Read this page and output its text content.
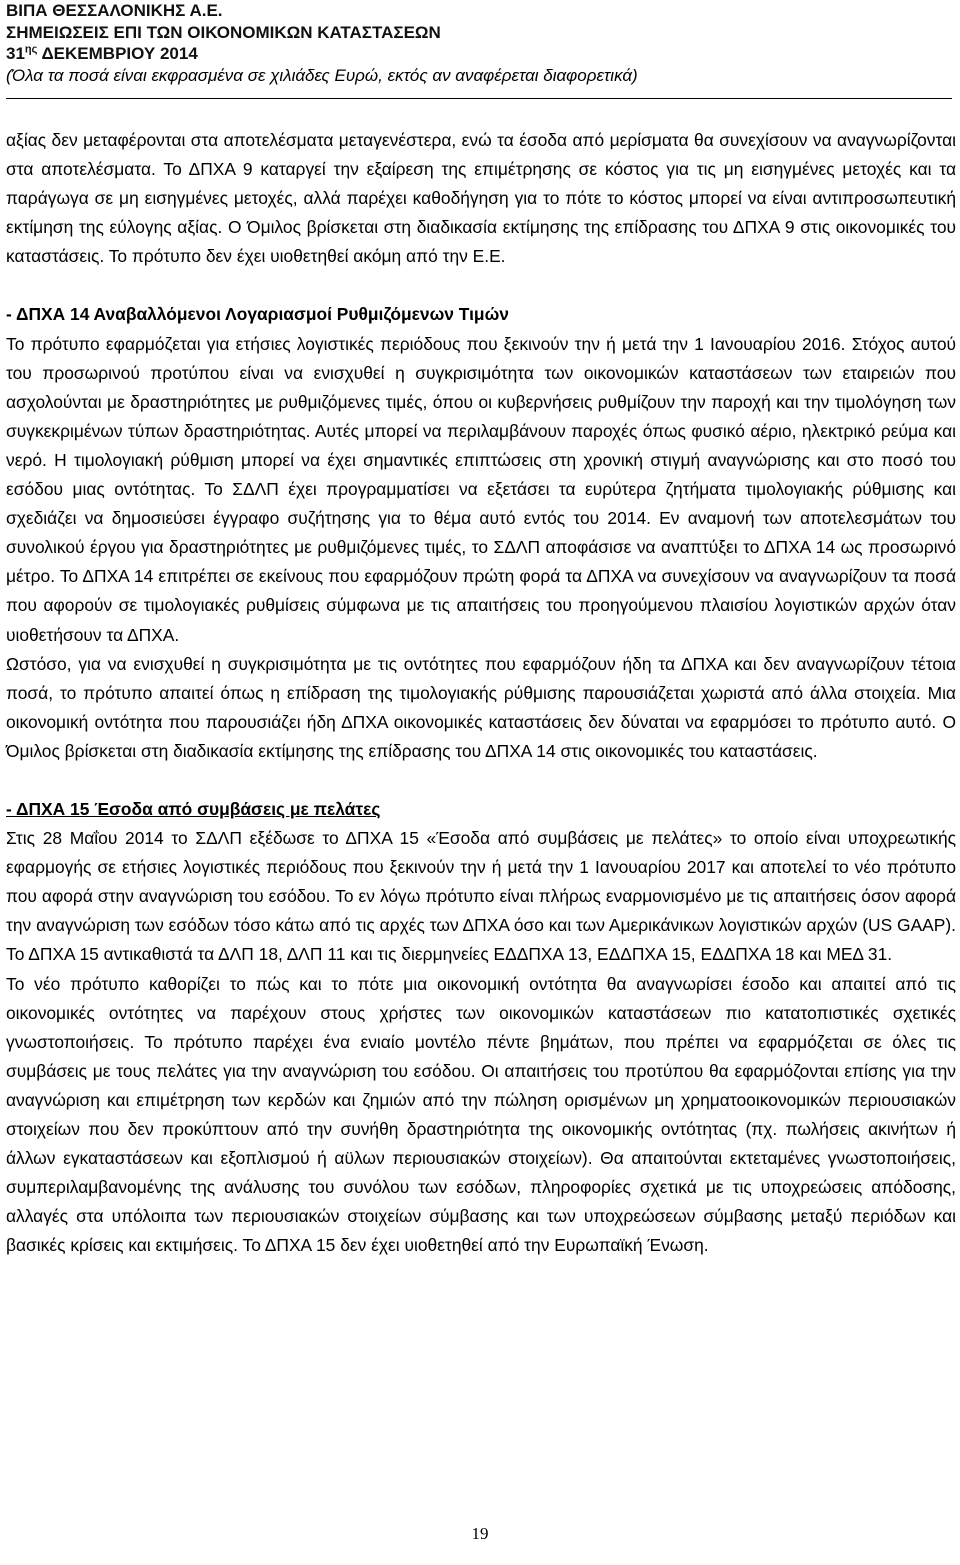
ΒΙΠΑ ΘΕΣΣΑΛΟΝΙΚΗΣ Α.Ε.
ΣΗΜΕΙΩΣΕΙΣ ΕΠΙ ΤΩΝ ΟΙΚΟΝΟΜΙΚΩΝ ΚΑΤΑΣΤΑΣΕΩΝ
$31^{\eta\varsigma}$ ΔΕΚΕΜΒΡΙΟΥ 2014
(Όλα τα ποσά είναι εκφρασμένα σε χιλιάδες Ευρώ, εκτός αν αναφέρεται διαφορετικά)

αξίας δεν μεταφέρονται στα αποτελέσματα μεταγενέστερα, ενώ τα έσοδα από μερίσματα θα συνεχίσουν να αναγνωρίζονται στα αποτελέσματα. Το ΔΠΧΑ 9 καταργεί την εξαίρεση της επιμέτρησης σε κόστος για τις μη εισηγμένες μετοχές και τα παράγωγα σε μη εισηγμένες μετοχές, αλλά παρέχει καθοδήγηση για το πότε το κόστος μπορεί να είναι αντιπροσωπευτική εκτίμηση της εύλογης αξίας. Ο Όμιλος βρίσκεται στη διαδικασία εκτίμησης της επίδρασης του ΔΠΧΑ 9 στις οικονομικές του καταστάσεις. Το πρότυπο δεν έχει υιοθετηθεί ακόμη από την Ε.Ε.

- ΔΠΧΑ 14 Αναβαλλόμενοι Λογαριασμοί Ρυθμιζόμενων Τιμών

Το πρότυπο εφαρμόζεται για ετήσιες λογιστικές περιόδους που ξεκινούν την ή μετά την 1 Ιανουαρίου 2016. Στόχος αυτού του προσωρινού προτύπου είναι να ενισχυθεί η συγκρισιμότητα των οικονομικών καταστάσεων των εταιρειών που ασχολούνται με δραστηριότητες με ρυθμιζόμενες τιμές, όπου οι κυβερνήσεις ρυθμίζουν την παροχή και την τιμολόγηση των συγκεκριμένων τύπων δραστηριότητας. Αυτές μπορεί να περιλαμβάνουν παροχές όπως φυσικό αέριο, ηλεκτρικό ρεύμα και νερό. Η τιμολογιακή ρύθμιση μπορεί να έχει σημαντικές επιπτώσεις στη χρονική στιγμή αναγνώρισης και στο ποσό του εσόδου μιας οντότητας. Το ΣΔΛΠ έχει προγραμματίσει να εξετάσει τα ευρύτερα ζητήματα τιμολογιακής ρύθμισης και σχεδιάζει να δημοσιεύσει έγγραφο συζήτησης για το θέμα αυτό εντός του 2014. Εν αναμονή των αποτελεσμάτων του συνολικού έργου για δραστηριότητες με ρυθμιζόμενες τιμές, το ΣΔΛΠ αποφάσισε να αναπτύξει το ΔΠΧΑ 14 ως προσωρινό μέτρο. Το ΔΠΧΑ 14 επιτρέπει σε εκείνους που εφαρμόζουν πρώτη φορά τα ΔΠΧΑ να συνεχίσουν να αναγνωρίζουν τα ποσά που αφορούν σε τιμολογιακές ρυθμίσεις σύμφωνα με τις απαιτήσεις του προηγούμενου πλαισίου λογιστικών αρχών όταν υιοθετήσουν τα ΔΠΧΑ.

Ωστόσο, για να ενισχυθεί η συγκρισιμότητα με τις οντότητες που εφαρμόζουν ήδη τα ΔΠΧΑ και δεν αναγνωρίζουν τέτοια ποσά, το πρότυπο απαιτεί όπως η επίδραση της τιμολογιακής ρύθμισης παρουσιάζεται χωριστά από άλλα στοιχεία. Μια οικονομική οντότητα που παρουσιάζει ήδη ΔΠΧΑ οικονομικές καταστάσεις δεν δύναται να εφαρμόσει το πρότυπο αυτό. Ο Όμιλος βρίσκεται στη διαδικασία εκτίμησης της επίδρασης του ΔΠΧΑ 14 στις οικονομικές του καταστάσεις.

- ΔΠΧΑ 15 Έσοδα από συμβάσεις με πελάτες

Στις 28 Μαΐου 2014 το ΣΔΛΠ εξέδωσε το ΔΠΧΑ 15 «Έσοδα από συμβάσεις με πελάτες» το οποίο είναι υποχρεωτικής εφαρμογής σε ετήσιες λογιστικές περιόδους που ξεκινούν την ή μετά την 1 Ιανουαρίου 2017 και αποτελεί το νέο πρότυπο που αφορά στην αναγνώριση του εσόδου. Το εν λόγω πρότυπο είναι πλήρως εναρμονισμένο με τις απαιτήσεις όσον αφορά την αναγνώριση των εσόδων τόσο κάτω από τις αρχές των ΔΠΧΑ όσο και των Αμερικάνικων λογιστικών αρχών (US GAAP). Το ΔΠΧΑ 15 αντικαθιστά τα ΔΛΠ 18, ΔΛΠ 11 και τις διερμηνείες ΕΔΔΠΧΑ 13, ΕΔΔΠΧΑ 15, ΕΔΔΠΧΑ 18 και ΜΕΔ 31.

Το νέο πρότυπο καθορίζει το πώς και το πότε μια οικονομική οντότητα θα αναγνωρίσει έσοδο και απαιτεί από τις οικονομικές οντότητες να παρέχουν στους χρήστες των οικονομικών καταστάσεων πιο κατατοπιστικές σχετικές γνωστοποιήσεις. Το πρότυπο παρέχει ένα ενιαίο μοντέλο πέντε βημάτων, που πρέπει να εφαρμόζεται σε όλες τις συμβάσεις με τους πελάτες για την αναγνώριση του εσόδου. Οι απαιτήσεις του προτύπου θα εφαρμόζονται επίσης για την αναγνώριση και επιμέτρηση των κερδών και ζημιών από την πώληση ορισμένων μη χρηματοοικονομικών περιουσιακών στοιχείων που δεν προκύπτουν από την συνήθη δραστηριότητα της οικονομικής οντότητας (πχ. πωλήσεις ακινήτων ή άλλων εγκαταστάσεων και εξοπλισμού ή αϋλων περιουσιακών στοιχείων). Θα απαιτούνται εκτεταμένες γνωστοποιήσεις, συμπεριλαμβανομένης της ανάλυσης του συνόλου των εσόδων, πληροφορίες σχετικά με τις υποχρεώσεις απόδοσης, αλλαγές στα υπόλοιπα των περιουσιακών στοιχείων σύμβασης και των υποχρεώσεων σύμβασης μεταξύ περιόδων και βασικές κρίσεις και εκτιμήσεις. Το ΔΠΧΑ 15 δεν έχει υιοθετηθεί από την Ευρωπαϊκή Ένωση.

19
